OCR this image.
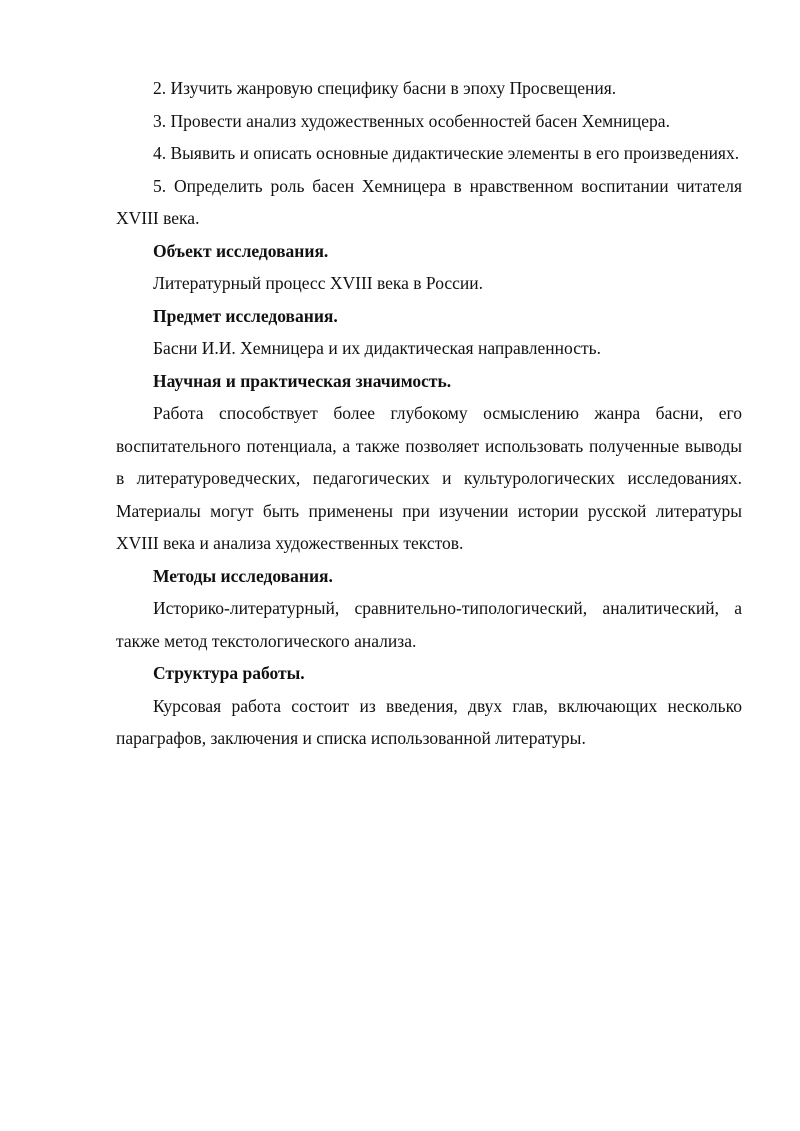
2. Изучить жанровую специфику басни в эпоху Просвещения.

3. Провести анализ художественных особенностей басен Хемницера.

4. Выявить и описать основные дидактические элементы в его произведениях.

5. Определить роль басен Хемницера в нравственном воспитании читателя XVIII века.

Объект исследования.

Литературный процесс XVIII века в России.

Предмет исследования.

Басни И.И. Хемницера и их дидактическая направленность.

Научная и практическая значимость.

Работа способствует более глубокому осмыслению жанра басни, его воспитательного потенциала, а также позволяет использовать полученные выводы в литературоведческих, педагогических и культурологических исследованиях. Материалы могут быть применены при изучении истории русской литературы XVIII века и анализа художественных текстов.

Методы исследования.

Историко-литературный, сравнительно-типологический, аналитический, а также метод текстологического анализа.

Структура работы.

Курсовая работа состоит из введения, двух глав, включающих несколько параграфов, заключения и списка использованной литературы.
